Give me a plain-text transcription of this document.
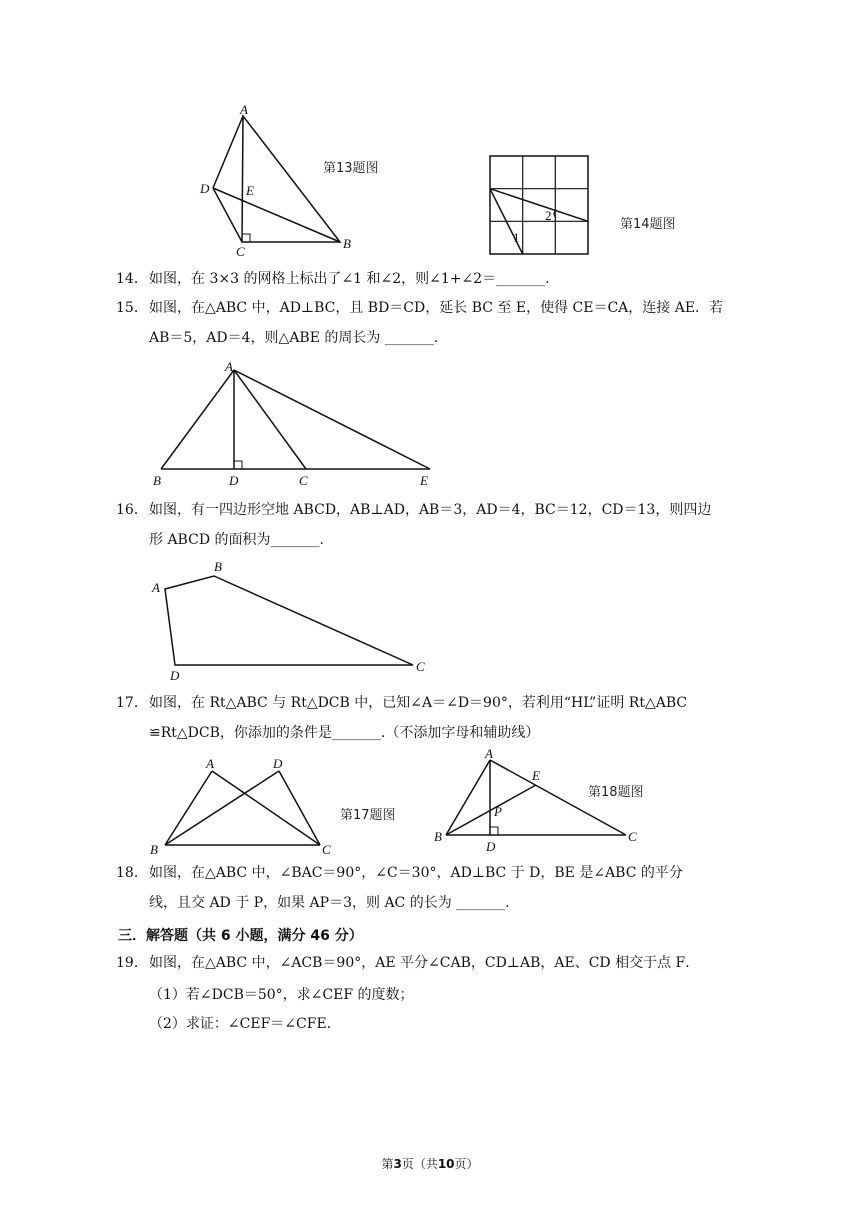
A
D	E
C
B
第13题图
1
2
第14题图
14． 如图，在 3×3 的网格上标出了∠1 和∠2，则∠1+∠2＝_______.
15． 如图，在△ABC 中，AD⊥BC，且 BD＝CD，延长 BC 至 E，使得 CE＝CA，连接 AE．若
AB＝5，AD＝4，则△ABE 的周长为 _______.
A
B	D	C	E
16． 如图，有一四边形空地 ABCD，AB⊥AD，AB＝3，AD＝4，BC＝12，CD＝13，则四边
形 ABCD 的面积为_______.
A
B
C
D
17． 如图，在 Rt△ABC 与 Rt△DCB 中，已知∠A＝∠D＝90°，若利用“HL”证明 Rt△ABC
≌Rt△DCB，你添加的条件是_______.（不添加字母和辅助线）
A	D
B	C
第17题图
A
E
P
B
D
C
第18题图
18． 如图，在△ABC 中，∠BAC＝90°，∠C＝30°，AD⊥BC 于 D，BE 是∠ABC 的平分
线，且交 AD 于 P，如果 AP＝3，则 AC 的长为 _______.
三．解答题（共 6 小题，满分 46 分）
19． 如图，在△ABC 中，∠ACB＝90°，AE 平分∠CAB，CD⊥AB，AE、CD 相交于点 F．
（1）若∠DCB＝50°，求∠CEF 的度数；
（2）求证：∠CEF＝∠CFE．
第3页（共10页）
